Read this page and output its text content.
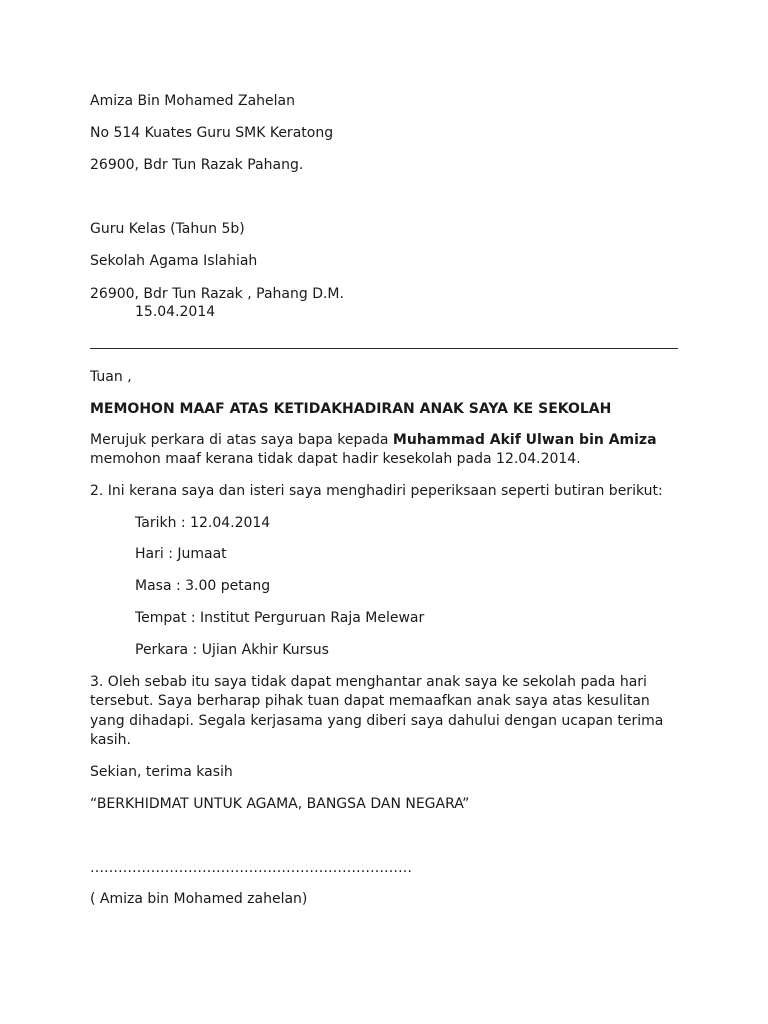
Amiza Bin Mohamed Zahelan
No 514 Kuates Guru SMK Keratong
26900, Bdr Tun Razak Pahang.
Guru Kelas (Tahun 5b)
Sekolah Agama Islahiah
26900, Bdr Tun Razak , Pahang D.M.
15.04.2014
Tuan ,
MEMOHON MAAF ATAS KETIDAKHADIRAN ANAK SAYA KE SEKOLAH
Merujuk perkara di atas saya bapa kepada Muhammad Akif Ulwan bin Amiza
memohon maaf kerana tidak dapat hadir kesekolah pada 12.04.2014.
2. Ini kerana saya dan isteri saya menghadiri peperiksaan seperti butiran berikut:
Tarikh : 12.04.2014
Hari : Jumaat
Masa : 3.00 petang
Tempat : Institut Perguruan Raja Melewar
Perkara : Ujian Akhir Kursus
3. Oleh sebab itu saya tidak dapat menghantar anak saya ke sekolah pada hari
tersebut. Saya berharap pihak tuan dapat memaafkan anak saya atas kesulitan
yang dihadapi. Segala kerjasama yang diberi saya dahului dengan ucapan terima
kasih.
Sekian, terima kasih
“BERKHIDMAT UNTUK AGAMA, BANGSA DAN NEGARA”
……………………………………………………………
( Amiza bin Mohamed zahelan)
